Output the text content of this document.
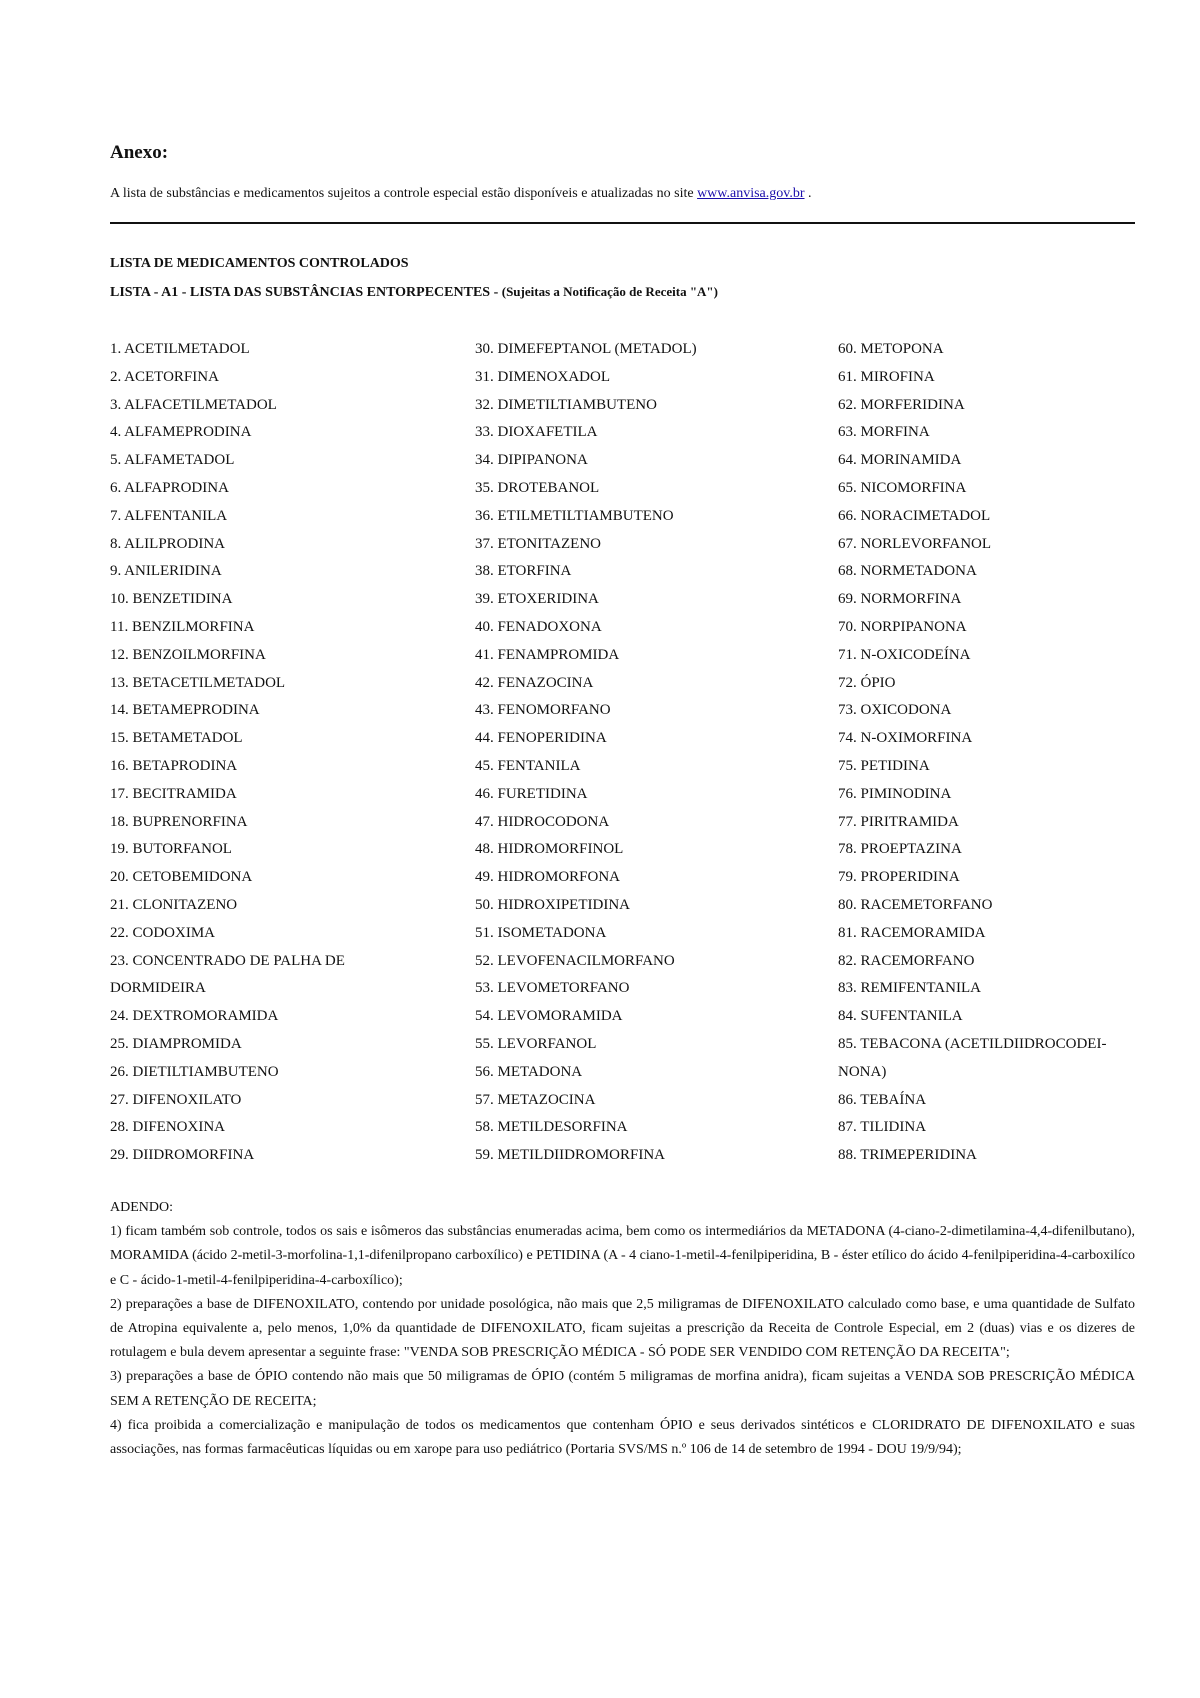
Anexo:
A lista de substâncias e medicamentos sujeitos a controle especial estão disponíveis e atualizadas no site www.anvisa.gov.br .
LISTA DE MEDICAMENTOS CONTROLADOS
LISTA - A1 - LISTA DAS SUBSTÂNCIAS ENTORPECENTES - (Sujeitas a Notificação de Receita "A")
1. ACETILMETADOL
2. ACETORFINA
3. ALFACETILMETADOL
4. ALFAMEPRODINA
5. ALFAMETADOL
6. ALFAPRODINA
7. ALFENTANILA
8. ALILPRODINA
9. ANILERIDINA
10. BENZETIDINA
11. BENZILMORFINA
12. BENZOILMORFINA
13. BETACETILMETADOL
14. BETAMEPRODINA
15. BETAMETADOL
16. BETAPRODINA
17. BECITRAMIDA
18. BUPRENORFINA
19. BUTORFANOL
20. CETOBEMIDONA
21. CLONITAZENO
22. CODOXIMA
23. CONCENTRADO DE PALHA DE DORMIDEIRA
24. DEXTROMORAMIDA
25. DIAMPROMIDA
26. DIETILTIAMBUTENO
27. DIFENOXILATO
28. DIFENOXINA
29. DIIDROMORFINA
30. DIMEFEPTANOL (METADOL)
31. DIMENOXADOL
32. DIMETILTIAMBUTENO
33. DIOXAFETILA
34. DIPIPANONA
35. DROTEBANOL
36. ETILMETILTIAMBUTENO
37. ETONITAZENO
38. ETORFINA
39. ETOXERIDINA
40. FENADOXONA
41. FENAMPROMIDA
42. FENAZOCINA
43. FENOMORFANO
44. FENOPERIDINA
45. FENTANILA
46. FURETIDINA
47. HIDROCODONA
48. HIDROMORFINOL
49. HIDROMORFONA
50. HIDROXIPETIDINA
51. ISOMETADONA
52. LEVOFENACILMORFANO
53. LEVOMETORFANO
54. LEVOMORAMIDA
55. LEVORFANOL
56. METADONA
57. METAZOCINA
58. METILDESORFINA
59. METILDIIDROMORFINA
60. METOPONA
61. MIROFINA
62. MORFERIDINA
63. MORFINA
64. MORINAMIDA
65. NICOMORFINA
66. NORACIMETADOL
67. NORLEVORFANOL
68. NORMETADONA
69. NORMORFINA
70. NORPIPANONA
71. N-OXICODEÍNA
72. ÓPIO
73. OXICODONA
74. N-OXIMORFINA
75. PETIDINA
76. PIMINODINA
77. PIRITRAMIDA
78. PROEPTAZINA
79. PROPERIDINA
80. RACEMETORFANO
81. RACEMORAMIDA
82. RACEMORFANO
83. REMIFENTANILA
84. SUFENTANILA
85. TEBACONA (ACETILDIIDROCODEI-NONA)
86. TEBAÍNA
87. TILIDINA
88. TRIMEPERIDINA

ADENDO:

1) ficam também sob controle, todos os sais e isômeros das substâncias enumeradas acima, bem como os intermediários da METADONA (4-ciano-2-dimetilamina-4,4-difenilbutano), MORAMIDA (ácido 2-metil-3-morfolina-1,1-difenilpropano carboxílico) e PETIDINA (A - 4 ciano-1-metil-4-fenilpiperidina, B - éster etílico do ácido 4-fenilpiperidina-4-carboxilíco e C - ácido-1-metil-4-fenilpiperidina-4-carboxílico);

2) preparações a base de DIFENOXILATO, contendo por unidade posológica, não mais que 2,5 miligramas de DIFENOXILATO calculado como base, e uma quantidade de Sulfato de Atropina equivalente a, pelo menos, 1,0% da quantidade de DIFENOXILATO, ficam sujeitas a prescrição da Receita de Controle Especial, em 2 (duas) vias e os dizeres de rotulagem e bula devem apresentar a seguinte frase: "VENDA SOB PRESCRIÇÃO MÉDICA - SÓ PODE SER VENDIDO COM RETENÇÃO DA RECEITA";

3) preparações a base de ÓPIO contendo não mais que 50 miligramas de ÓPIO (contém 5 miligramas de morfina anidra), ficam sujeitas a VENDA SOB PRESCRIÇÃO MÉDICA SEM A RETENÇÃO DE RECEITA;

4) fica proibida a comercialização e manipulação de todos os medicamentos que contenham ÓPIO e seus derivados sintéticos e CLORIDRATO DE DIFENOXILATO e suas associações, nas formas farmacêuticas líquidas ou em xarope para uso pediátrico (Portaria SVS/MS n.º 106 de 14 de setembro de 1994 - DOU 19/9/94);
